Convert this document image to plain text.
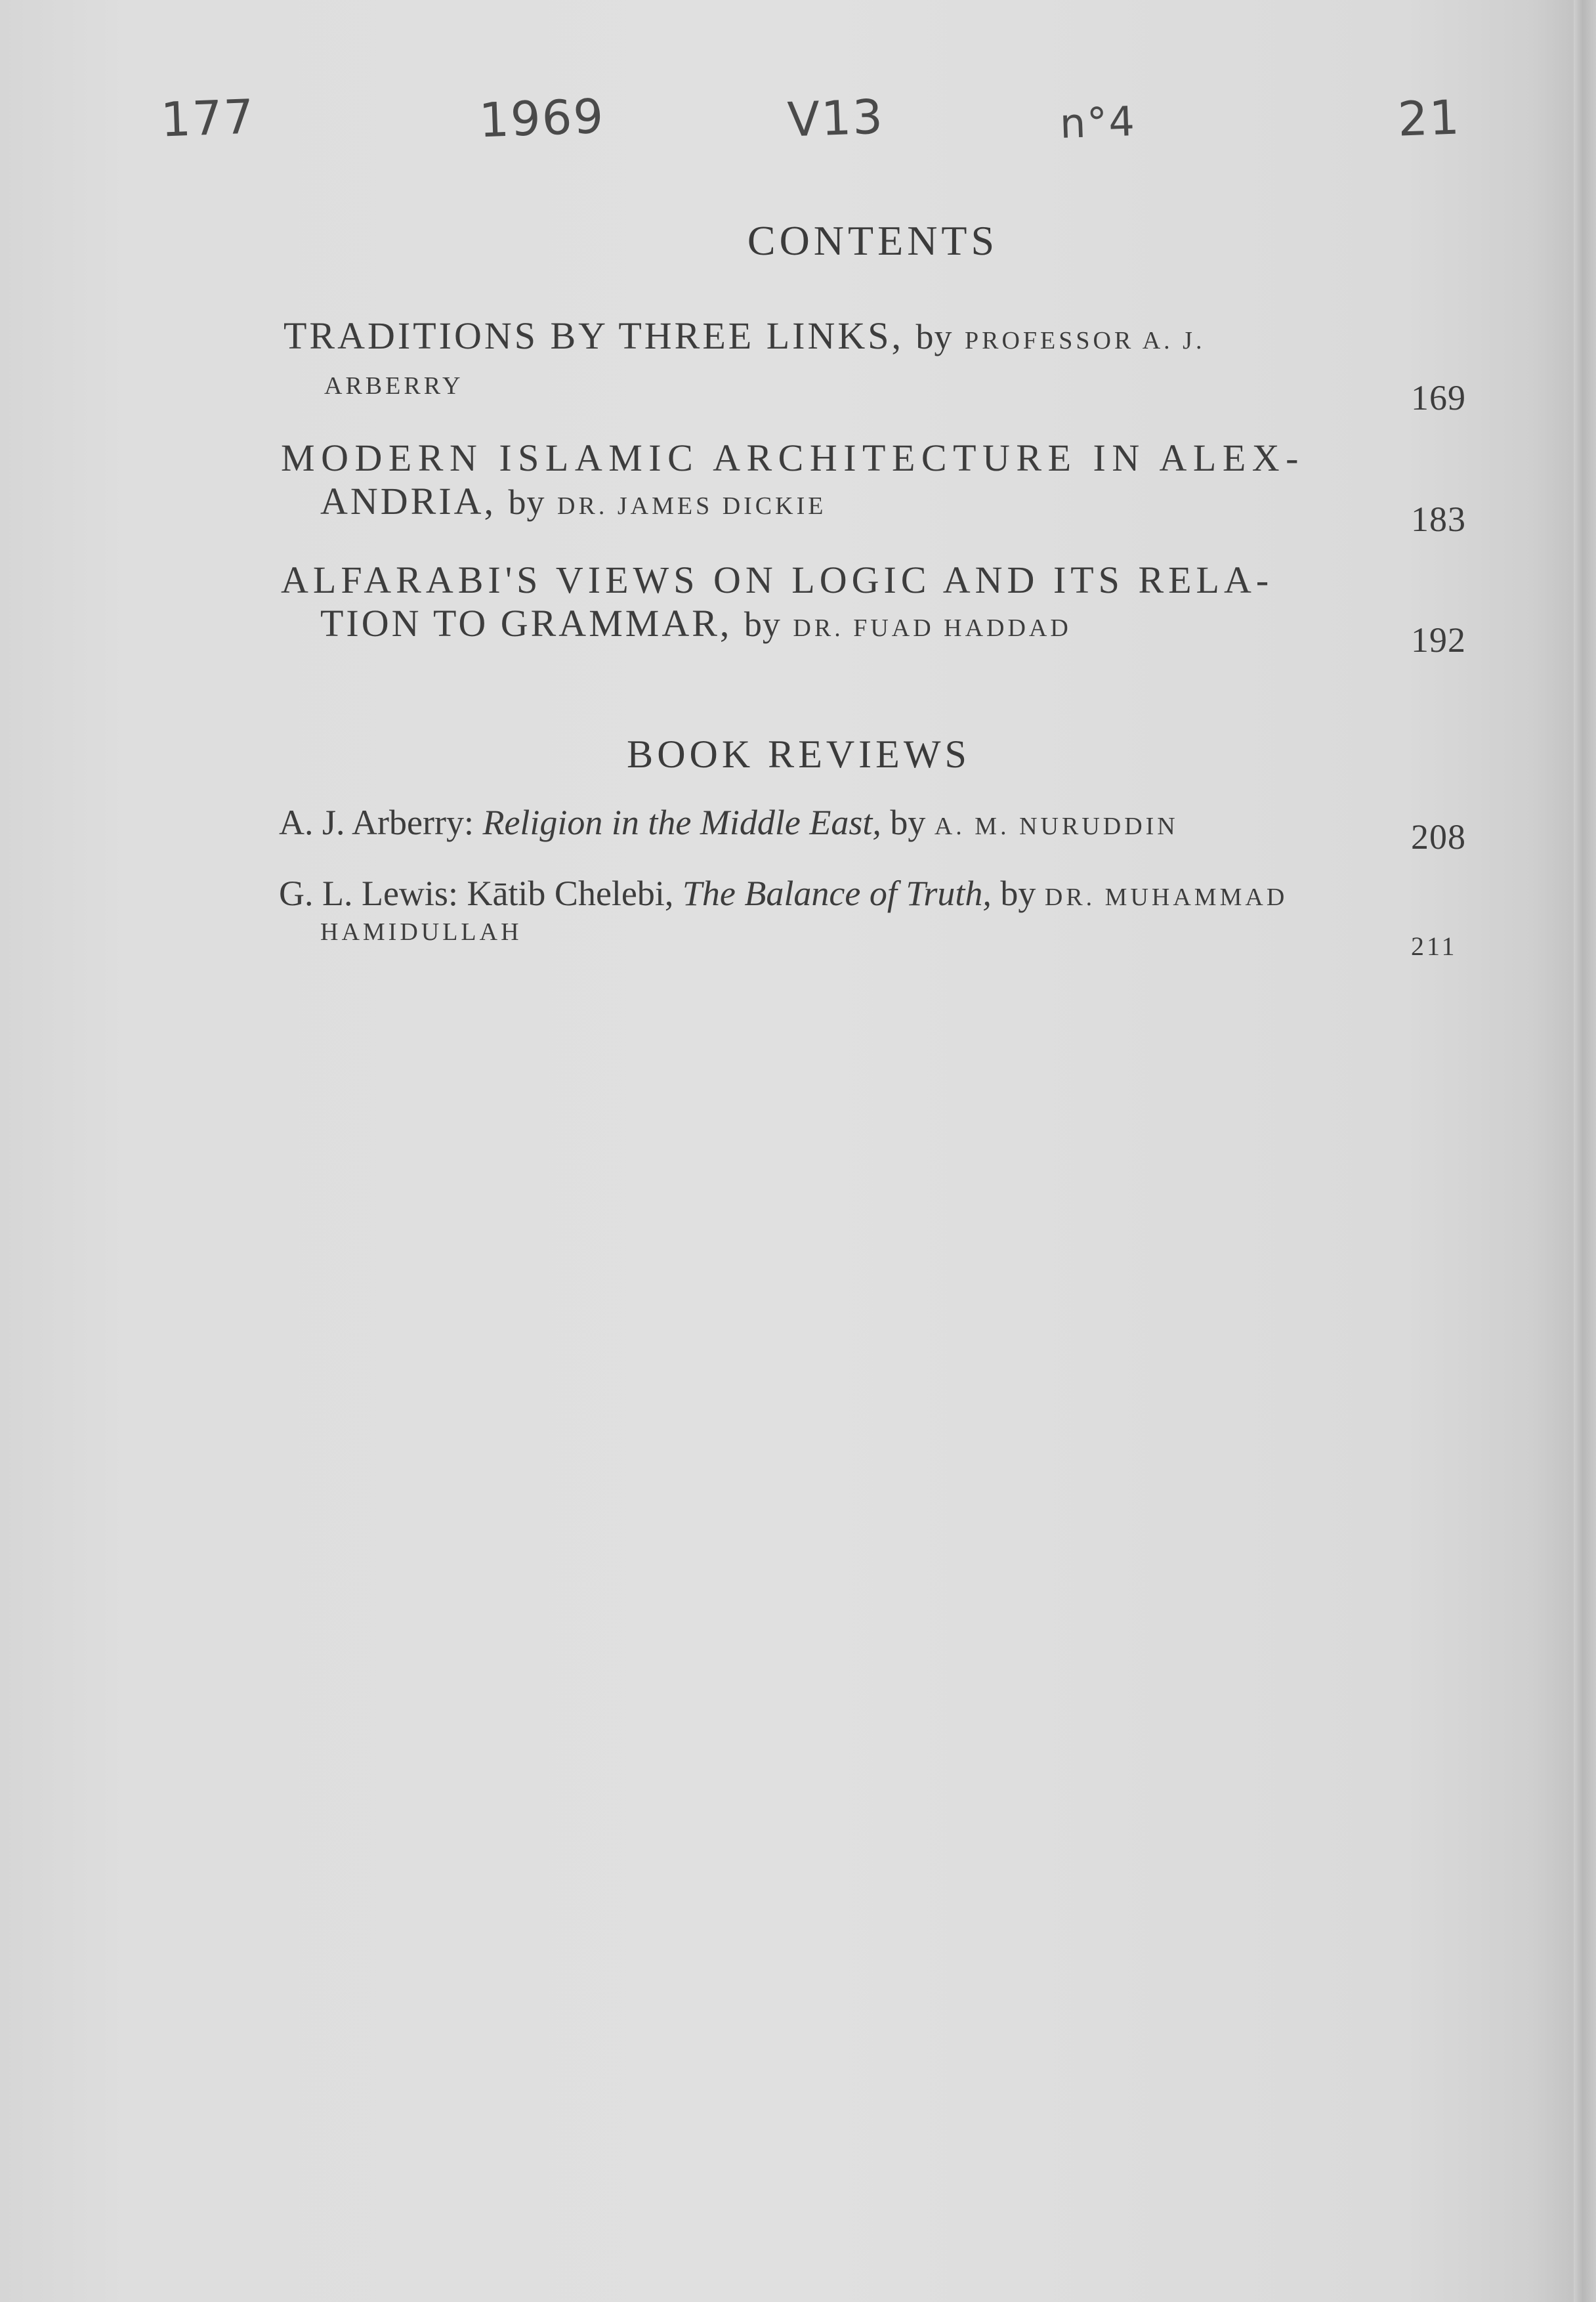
177	1969	V13	n°4	21
CONTENTS
TRADITIONS BY THREE LINKS, by PROFESSOR A. J.
ARBERRY	169
MODERN ISLAMIC ARCHITECTURE IN ALEX-
ANDRIA, by DR. JAMES DICKIE	183
ALFARABI'S VIEWS ON LOGIC AND ITS RELA-
TION TO GRAMMAR, by DR. FUAD HADDAD	192
BOOK REVIEWS
A. J. Arberry: Religion in the Middle East, by A. M. NURUDDIN	208
G. L. Lewis: Kātib Chelebi, The Balance of Truth, by DR. MUHAMMAD
HAMIDULLAH	211
